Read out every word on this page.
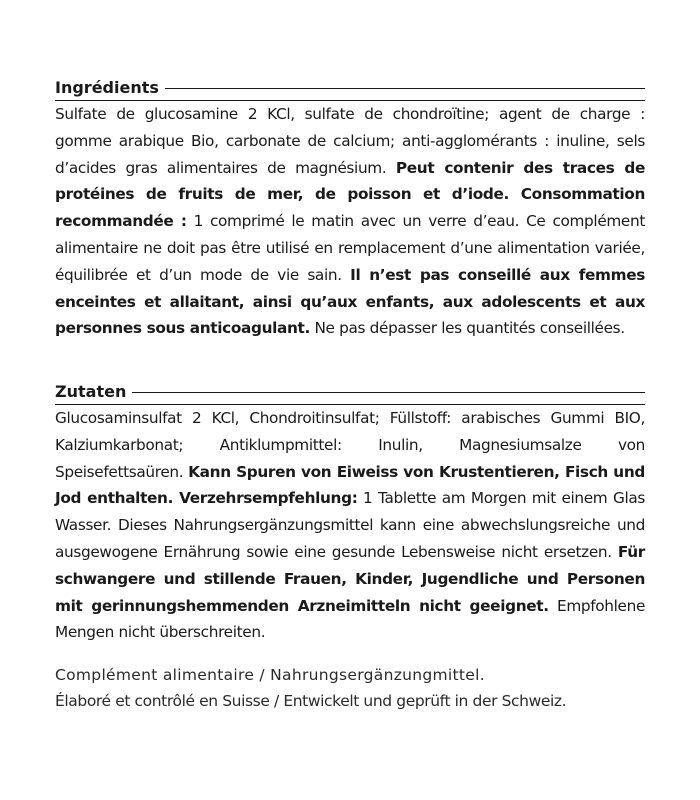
Ingrédients
Sulfate de glucosamine 2 KCl, sulfate de chondroïtine; agent de charge : gomme arabique Bio, carbonate de calcium; anti-agglomérants : inuline, sels d’acides gras alimentaires de magnésium. Peut contenir des traces de protéines de fruits de mer, de poisson et d’iode. Consommation recommandée : 1 comprimé le matin avec un verre d’eau. Ce complément alimentaire ne doit pas être utilisé en remplacement d’une alimentation variée, équilibrée et d’un mode de vie sain. Il n’est pas conseillé aux femmes enceintes et allaitant, ainsi qu’aux enfants, aux adolescents et aux personnes sous anticoagulant. Ne pas dépasser les quantités conseillées.
Zutaten
Glucosaminsulfat 2 KCl, Chondroitinsulfat; Füllstoff: arabisches Gummi BIO, Kalziumkarbonat; Antiklumpmittel: Inulin, Magnesiumsalze von Speisefettsaüren. Kann Spuren von Eiweiss von Krustentieren, Fisch und Jod enthalten. Verzehrsempfehlung: 1 Tablette am Morgen mit einem Glas Wasser. Dieses Nahrungsergänzungsmittel kann eine abwechslungsreiche und ausgewogene Ernährung sowie eine gesunde Lebensweise nicht ersetzen. Für schwangere und stillende Frauen, Kinder, Jugendliche und Personen mit gerinnungshemmenden Arzneimitteln nicht geeignet. Empfohlene Mengen nicht überschreiten.
Complément alimentaire / Nahrungsergänzungmittel.
Élaboré et contrôlé en Suisse / Entwickelt und geprüft in der Schweiz.
